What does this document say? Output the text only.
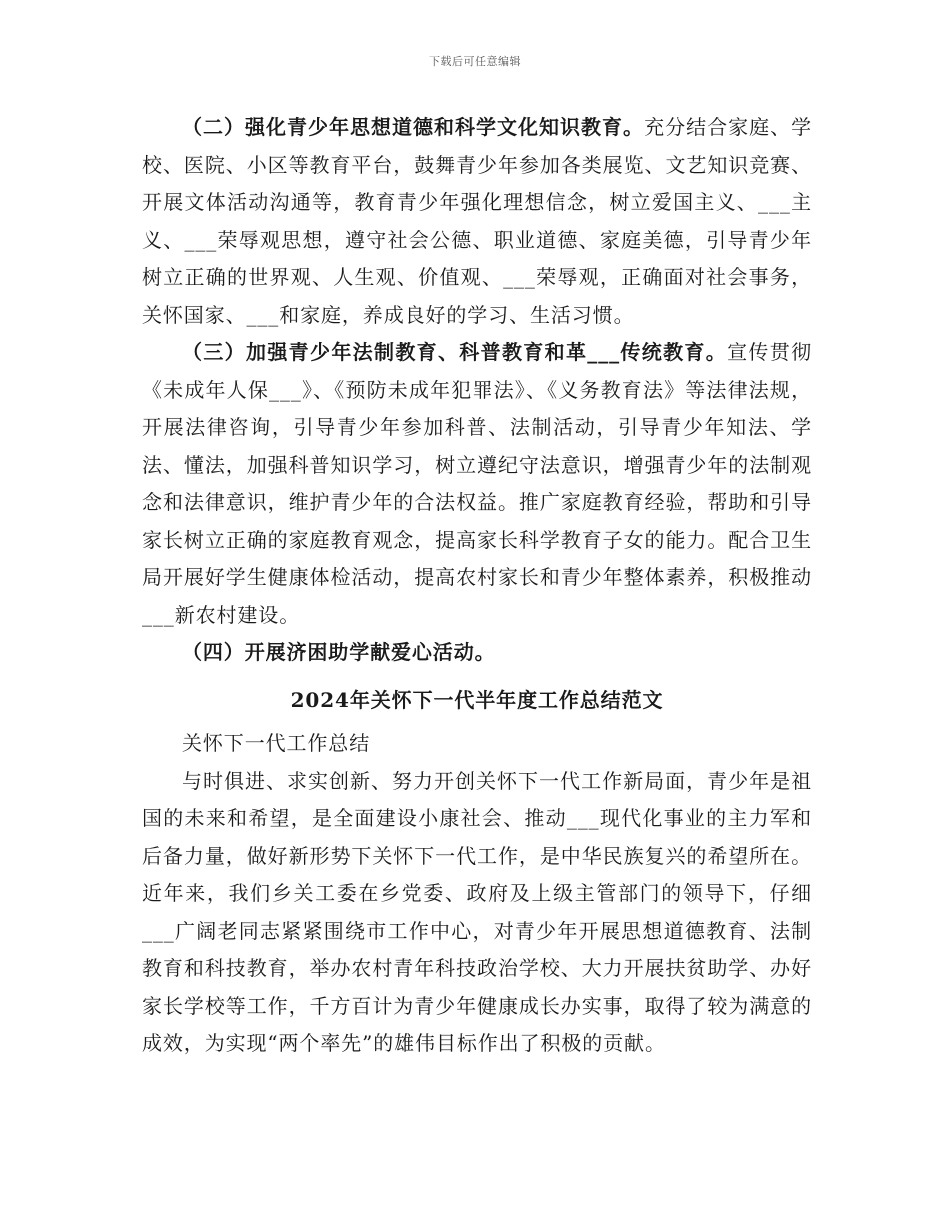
下载后可任意编辑

（二）强化青少年思想道德和科学文化知识教育。充分结合家庭、学校、医院、小区等教育平台，鼓舞青少年参加各类展览、文艺知识竞赛、开展文体活动沟通等，教育青少年强化理想信念，树立爱国主义、___主义、___荣辱观思想，遵守社会公德、职业道德、家庭美德，引导青少年树立正确的世界观、人生观、价值观、___荣辱观，正确面对社会事务，关怀国家、___和家庭，养成良好的学习、生活习惯。

（三）加强青少年法制教育、科普教育和革___传统教育。宣传贯彻《未成年人保___》、《预防未成年犯罪法》、《义务教育法》等法律法规，开展法律咨询，引导青少年参加科普、法制活动，引导青少年知法、学法、懂法，加强科普知识学习，树立遵纪守法意识，增强青少年的法制观念和法律意识，维护青少年的合法权益。推广家庭教育经验，帮助和引导家长树立正确的家庭教育观念，提高家长科学教育子女的能力。配合卫生局开展好学生健康体检活动，提高农村家长和青少年整体素养，积极推动___新农村建设。

（四）开展济困助学献爱心活动。

2024年关怀下一代半年度工作总结范文

关怀下一代工作总结

与时俱进、求实创新、努力开创关怀下一代工作新局面，青少年是祖国的未来和希望，是全面建设小康社会、推动___现代化事业的主力军和后备力量，做好新形势下关怀下一代工作，是中华民族复兴的希望所在。近年来，我们乡关工委在乡党委、政府及上级主管部门的领导下，仔细___广阔老同志紧紧围绕市工作中心，对青少年开展思想道德教育、法制教育和科技教育，举办农村青年科技政治学校、大力开展扶贫助学、办好家长学校等工作，千方百计为青少年健康成长办实事，取得了较为满意的成效，为实现“两个率先”的雄伟目标作出了积极的贡献。
